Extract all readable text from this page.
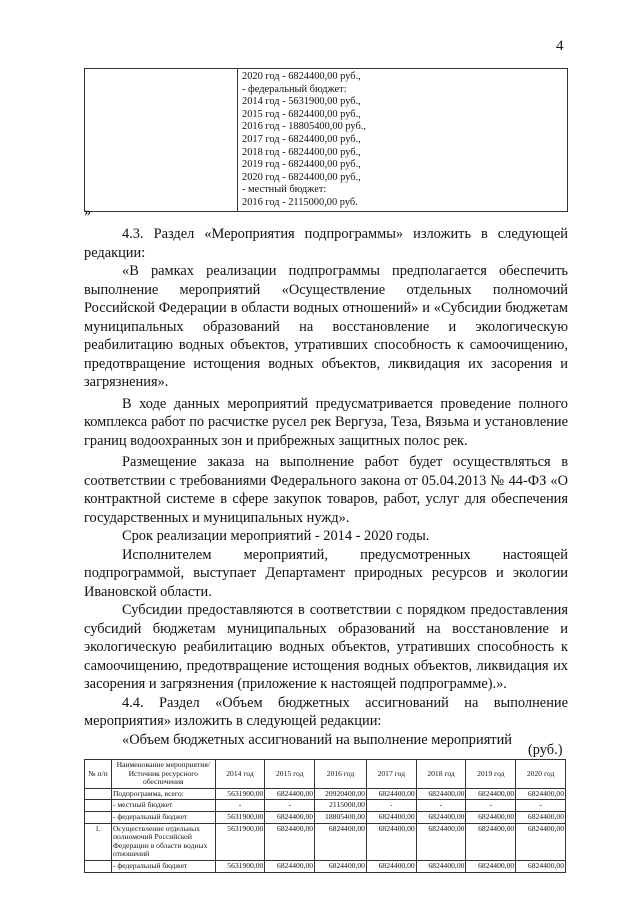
4

2020 год - 6824400,00 руб.,
- федеральный бюджет:
2014 год - 5631900,00 руб.,
2015 год - 6824400,00 руб.,
2016 год - 18805400,00 руб.,
2017 год - 6824400,00 руб.,
2018 год - 6824400,00 руб.,
2019 год - 6824400,00 руб.,
2020 год - 6824400,00 руб.,
- местный бюджет:
2016 год - 2115000,00 руб.
»

4.3. Раздел «Мероприятия подпрограммы» изложить в следующей редакции:

«В рамках реализации подпрограммы предполагается обеспечить выполнение мероприятий «Осуществление отдельных полномочий Российской Федерации в области водных отношений» и «Субсидии бюджетам муниципальных образований на восстановление и экологическую реабилитацию водных объектов, утративших способность к самоочищению, предотвращение истощения водных объектов, ликвидация их засорения и загрязнения».

В ходе данных мероприятий предусматривается проведение полного комплекса работ по расчистке русел рек Вергуза, Теза, Вязьма и установление границ водоохранных зон и прибрежных защитных полос рек.

Размещение заказа на выполнение работ будет осуществляться в соответствии с требованиями Федерального закона от 05.04.2013 № 44-ФЗ «О контрактной системе в сфере закупок товаров, работ, услуг для обеспечения государственных и муниципальных нужд».

Срок реализации мероприятий - 2014 - 2020 годы.

Исполнителем мероприятий, предусмотренных настоящей подпрограммой, выступает Департамент природных ресурсов и экологии Ивановской области.

Субсидии предоставляются в соответствии с порядком предоставления субсидий бюджетам муниципальных образований на восстановление и экологическую реабилитацию водных объектов, утративших способность к самоочищению, предотвращение истощения водных объектов, ликвидация их засорения и загрязнения (приложение к настоящей подпрограмме).».

4.4. Раздел «Объем бюджетных ассигнований на выполнение мероприятия» изложить в следующей редакции:

«Объем бюджетных ассигнований на выполнение мероприятий

(руб.)
№ п/п	Наименование мероприятия/Источник ресурсного обеспечения	2014 год	2015 год	2016 год	2017 год	2018 год	2019 год	2020 год
	Подпрограмма, всего:	5631900,00	6824400,00	20920400,00	6824400,00	6824400,00	6824400,00	6824400,00
	- местный бюджет	-	-	2115000,00	-	-	-	-
	- федеральный бюджет	5631900,00	6824400,00	18805400,00	6824400,00	6824400,00	6824400,00	6824400,00
1.	Осуществление отдельных полномочий Российской Федерации в области водных отношений	5631900,00	6824400,00	6824400,00	6824400,00	6824400,00	6824400,00	6824400,00
	- федеральный бюджет	5631900,00	6824400,00	6824400,00	6824400,00	6824400,00	6824400,00	6824400,00
